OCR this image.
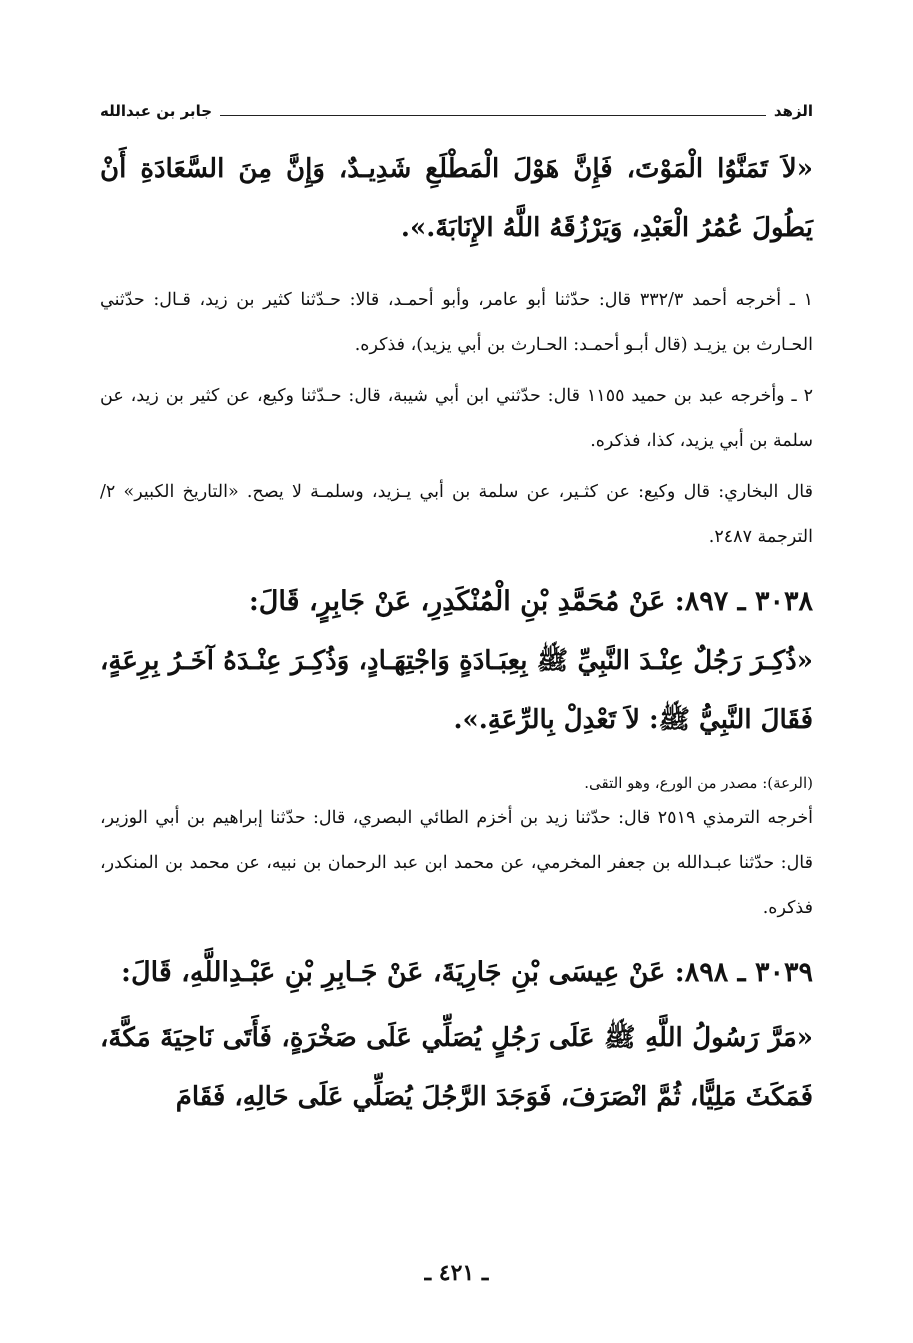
الزهد
جابر بن عبدالله

«لاَ تَمَنَّوُا الْمَوْتَ، فَإِنَّ هَوْلَ الْمَطْلَعِ شَدِيـدٌ، وَإِنَّ مِنَ السَّعَادَةِ أَنْ يَطُولَ عُمُرُ الْعَبْدِ، وَيَرْزُقَهُ اللَّهُ الإِنَابَةَ.».

١ ـ أخرجه أحمد ٣٣٢/٣ قال: حدّثنا أبو عامر، وأبو أحمـد، قالا: حـدّثنا كثير بن زيد، قـال: حدّثني الحـارث بن يزيـد (قال أبـو أحمـد: الحـارث بن أبي يزيد)، فذكره.

٢ ـ وأخرجه عبد بن حميد ١١٥٥ قال: حدّثني ابن أبي شيبة، قال: حـدّثنا وكيع، عن كثير بن زيد، عن سلمة بن أبي يزيد، كذا، فذكره.

قال البخاري: قال وكيع: عن كثـير، عن سلمة بن أبي يـزيد، وسلمـة لا يصح. «التاريخ الكبير» ٢/الترجمة ٢٤٨٧.

٣٠٣٨ ـ ٨٩٧: عَنْ مُحَمَّدِ بْنِ الْمُنْكَدِرِ، عَنْ جَابِرٍ، قَالَ:

«ذُكِـرَ رَجُلٌ عِنْـدَ النَّبِيِّ ﷺ بِعِبَـادَةٍ وَاجْتِهَـادٍ، وَذُكِـرَ عِنْـدَهُ آخَـرُ بِرِعَةٍ، فَقَالَ النَّبِيُّ ﷺ: لاَ تَعْدِلْ بِالرِّعَةِ.».

(الرعة): مصدر من الورع، وهو التقى.

أخرجه الترمذي ٢٥١٩ قال: حدّثنا زيد بن أخزم الطائي البصري، قال: حدّثنا إبراهيم بن أبي الوزير، قال: حدّثنا عبـدالله بن جعفر المخرمي، عن محمد ابن عبد الرحمان بن نبيه، عن محمد بن المنكدر، فذكره.

٣٠٣٩ ـ ٨٩٨: عَنْ عِيسَى بْنِ جَارِيَةَ، عَنْ جَـابِرِ بْنِ عَبْـدِاللَّهِ، قَالَ:

«مَرَّ رَسُولُ اللَّهِ ﷺ عَلَى رَجُلٍ يُصَلِّي عَلَى صَخْرَةٍ، فَأَتَى نَاحِيَةَ مَكَّةَ، فَمَكَثَ مَلِيًّا، ثُمَّ انْصَرَفَ، فَوَجَدَ الرَّجُلَ يُصَلِّي عَلَى حَالِهِ، فَقَامَ

ـ ٤٢١ ـ
